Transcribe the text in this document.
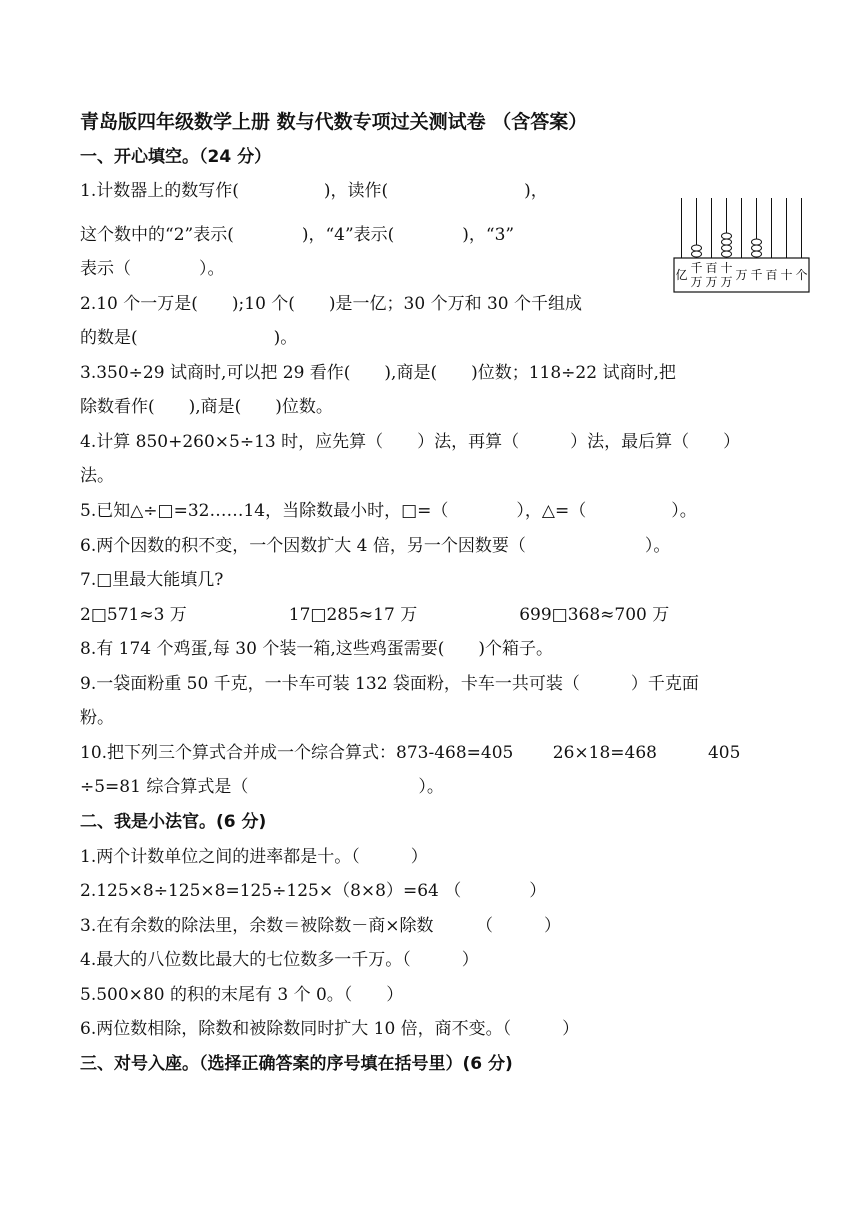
青岛版四年级数学上册 数与代数专项过关测试卷 （含答案）
一、开心填空。（24 分）
1.计数器上的数写作(　　　　　)，读作(　　　　　　　　)，
这个数中的“2”表示(　　　　)，“4”表示(　　　　)，“3”
表示（　　　　）。
2.10 个一万是(　　);10 个(　　)是一亿；30 个万和 30 个千组成
的数是(　　　　　　　　)。
3.350÷29 试商时,可以把 29 看作(　　),商是(　　)位数；118÷22 试商时,把
除数看作(　　),商是(　　)位数。
4.计算 850+260×5÷13 时，应先算（　　）法，再算（　　　）法，最后算（　　）
法。
5.已知△÷□=32……14，当除数最小时，□=（　　　　），△=（　　　　　）。
6.两个因数的积不变，一个因数扩大 4 倍，另一个因数要（　　　　　　　）。
7.□里最大能填几?
2□571≈3 万　　　　　　17□285≈17 万　　　　　　699□368≈700 万
8.有 174 个鸡蛋,每 30 个装一箱,这些鸡蛋需要(　　)个箱子。
9.一袋面粉重 50 千克，一卡车可装 132 袋面粉，卡车一共可装（　　　）千克面
粉。
10.把下列三个算式合并成一个综合算式：873-468=405　　 26×18=468　　　405
÷5=81 综合算式是（　　　　　　　　　　）。
二、我是小法官。(6 分)
1.两个计数单位之间的进率都是十。（　　　）
2.125×8÷125×8=125÷125×（8×8）=64 （　　　　）
3.在有余数的除法里，余数＝被除数－商×除数　　　（　　　）
4.最大的八位数比最大的七位数多一千万。（　　　）
5.500×80 的积的末尾有 3 个 0。（　　）
6.两位数相除，除数和被除数同时扩大 10 倍，商不变。（　　　）
三、对号入座。（选择正确答案的序号填在括号里）(6 分)
亿 千万
百万
十万 万 千 百 十 个
